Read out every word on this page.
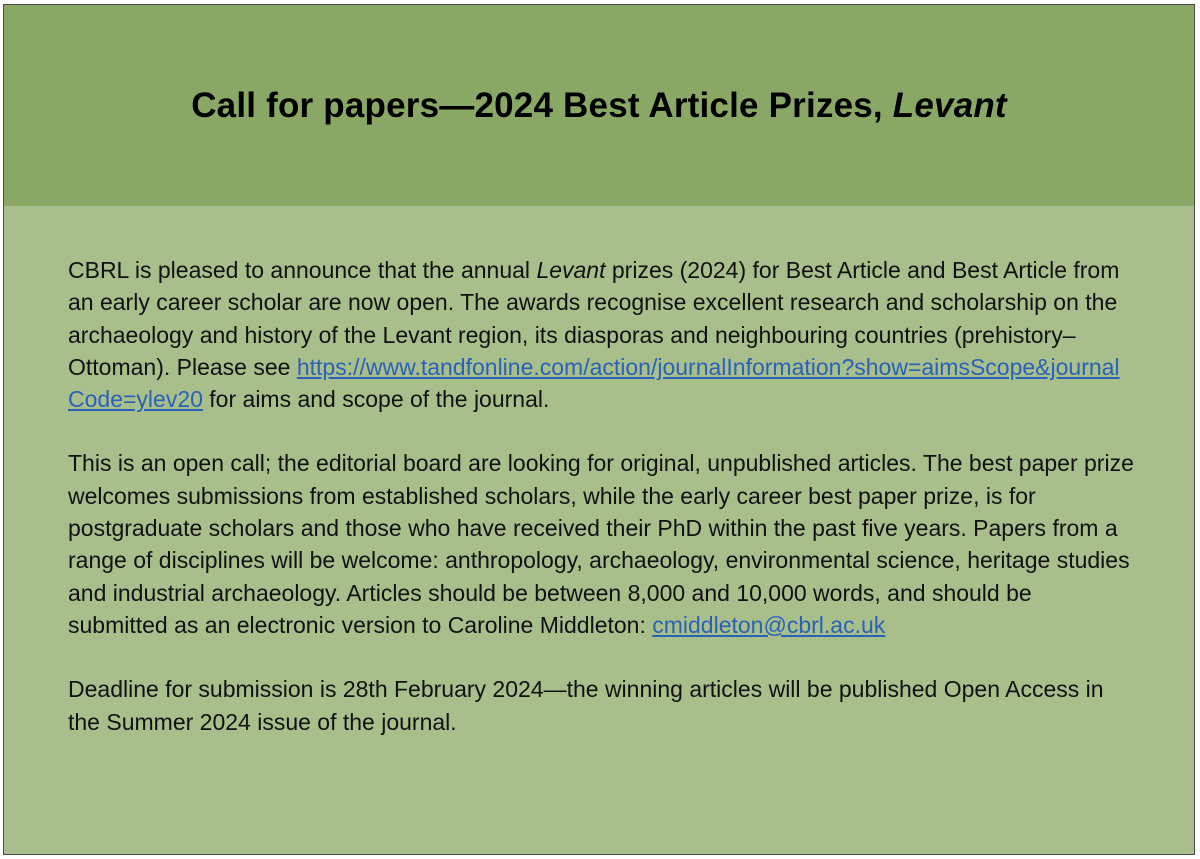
Call for papers—2024 Best Article Prizes, Levant

CBRL is pleased to announce that the annual Levant prizes (2024) for Best Article and Best Article from an early career scholar are now open. The awards recognise excellent research and scholarship on the archaeology and history of the Levant region, its diasporas and neighbouring countries (prehistory–Ottoman). Please see https://www.tandfonline.com/action/journalInformation?show=aimsScope&journalCode=ylev20 for aims and scope of the journal.

This is an open call; the editorial board are looking for original, unpublished articles. The best paper prize welcomes submissions from established scholars, while the early career best paper prize, is for postgraduate scholars and those who have received their PhD within the past five years. Papers from a range of disciplines will be welcome: anthropology, archaeology, environmental science, heritage studies and industrial archaeology. Articles should be between 8,000 and 10,000 words, and should be submitted as an electronic version to Caroline Middleton: cmiddleton@cbrl.ac.uk

Deadline for submission is 28th February 2024—the winning articles will be published Open Access in the Summer 2024 issue of the journal.
